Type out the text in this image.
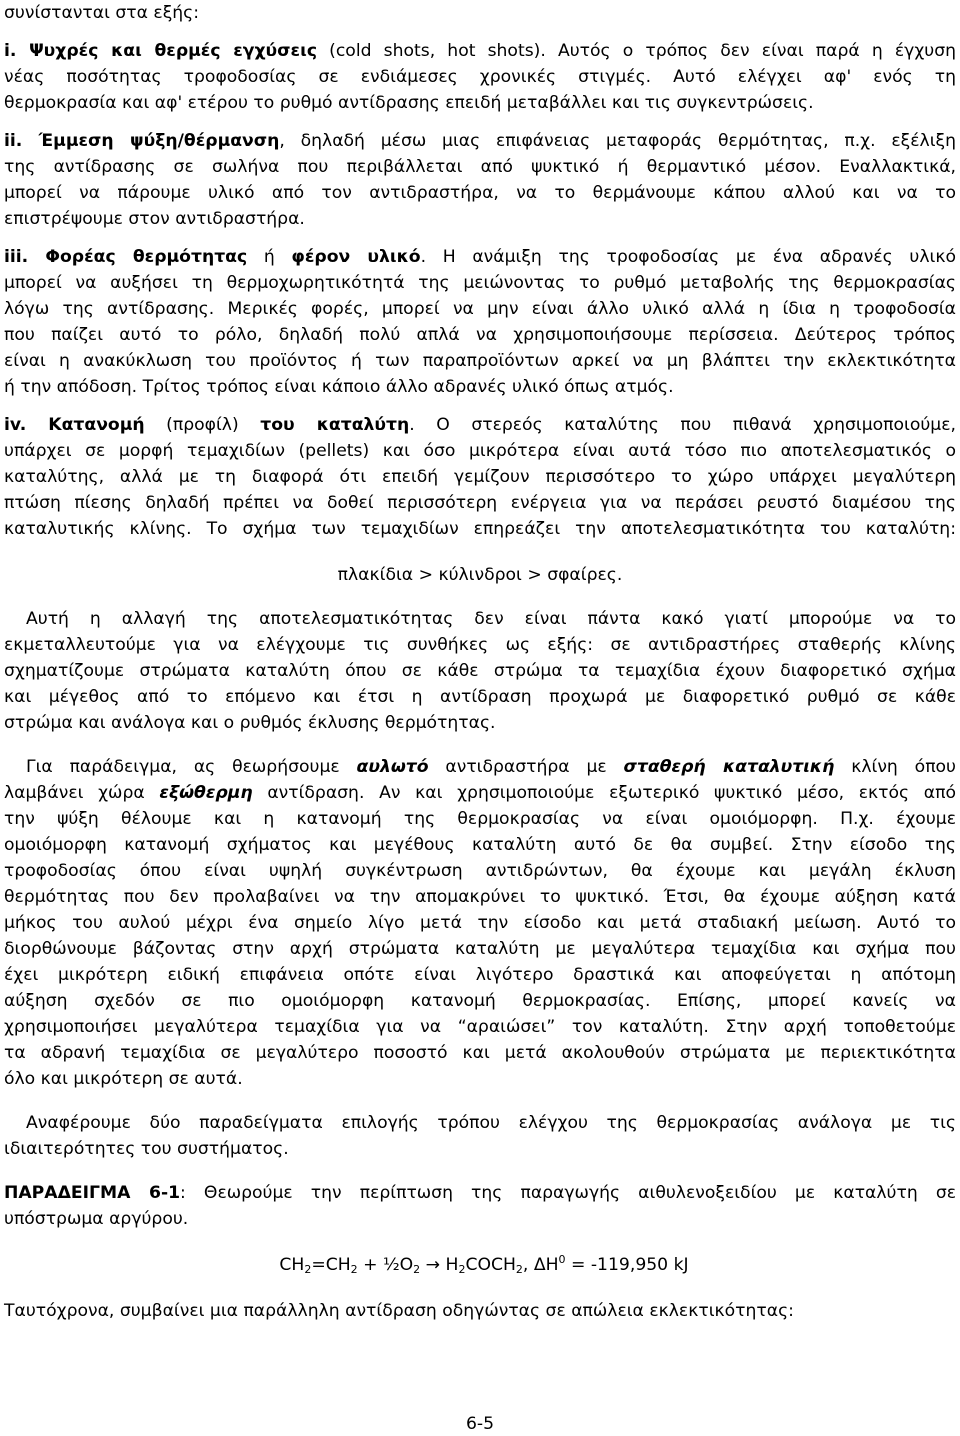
συνίστανται στα εξής:
i. Ψυχρές και θερμές εγχύσεις (cold shots, hot shots). Αυτός ο τρόπος δεν είναι παρά η έγχυση
νέας ποσότητας τροφοδοσίας σε ενδιάμεσες χρονικές στιγμές. Αυτό ελέγχει αφ' ενός τη
θερμοκρασία και αφ' ετέρου το ρυθμό αντίδρασης επειδή μεταβάλλει και τις συγκεντρώσεις.
ii. Έμμεση ψύξη/θέρμανση, δηλαδή μέσω μιας επιφάνειας μεταφοράς θερμότητας, π.χ. εξέλιξη
της αντίδρασης σε σωλήνα που περιβάλλεται από ψυκτικό ή θερμαντικό μέσον. Εναλλακτικά,
μπορεί να πάρουμε υλικό από τον αντιδραστήρα, να το θερμάνουμε κάπου αλλού και να το
επιστρέψουμε στον αντιδραστήρα.
iii. Φορέας θερμότητας ή φέρον υλικό. Η ανάμιξη της τροφοδοσίας με ένα αδρανές υλικό
μπορεί να αυξήσει τη θερμοχωρητικότητά της μειώνοντας το ρυθμό μεταβολής της θερμοκρασίας
λόγω της αντίδρασης. Μερικές φορές, μπορεί να μην είναι άλλο υλικό αλλά η ίδια η τροφοδοσία
που παίζει αυτό το ρόλο, δηλαδή πολύ απλά να χρησιμοποιήσουμε περίσσεια. Δεύτερος τρόπος
είναι η ανακύκλωση του προϊόντος ή των παραπροϊόντων αρκεί να μη βλάπτει την εκλεκτικότητα
ή την απόδοση. Τρίτος τρόπος είναι κάποιο άλλο αδρανές υλικό όπως ατμός.
iv. Κατανομή (προφίλ) του καταλύτη. Ο στερεός καταλύτης που πιθανά χρησιμοποιούμε,
υπάρχει σε μορφή τεμαχιδίων (pellets) και όσο μικρότερα είναι αυτά τόσο πιο αποτελεσματικός ο
καταλύτης, αλλά με τη διαφορά ότι επειδή γεμίζουν περισσότερο το χώρο υπάρχει μεγαλύτερη
πτώση πίεσης δηλαδή πρέπει να δοθεί περισσότερη ενέργεια για να περάσει ρευστό διαμέσου της
καταλυτικής κλίνης. Το σχήμα των τεμαχιδίων επηρεάζει την αποτελεσματικότητα του καταλύτη:
πλακίδια > κύλινδροι > σφαίρες.
Αυτή η αλλαγή της αποτελεσματικότητας δεν είναι πάντα κακό γιατί μπορούμε να το
εκμεταλλευτούμε για να ελέγχουμε τις συνθήκες ως εξής: σε αντιδραστήρες σταθερής κλίνης
σχηματίζουμε στρώματα καταλύτη όπου σε κάθε στρώμα τα τεμαχίδια έχουν διαφορετικό σχήμα
και μέγεθος από το επόμενο και έτσι η αντίδραση προχωρά με διαφορετικό ρυθμό σε κάθε
στρώμα και ανάλογα και ο ρυθμός έκλυσης θερμότητας.
Για παράδειγμα, ας θεωρήσουμε αυλωτό αντιδραστήρα με σταθερή καταλυτική κλίνη όπου
λαμβάνει χώρα εξώθερμη αντίδραση. Αν και χρησιμοποιούμε εξωτερικό ψυκτικό μέσο, εκτός από
την ψύξη θέλουμε και η κατανομή της θερμοκρασίας να είναι ομοιόμορφη. Π.χ. έχουμε
ομοιόμορφη κατανομή σχήματος και μεγέθους καταλύτη αυτό δε θα συμβεί. Στην είσοδο της
τροφοδοσίας όπου είναι υψηλή συγκέντρωση αντιδρώντων, θα έχουμε και μεγάλη έκλυση
θερμότητας που δεν προλαβαίνει να την απομακρύνει το ψυκτικό. Έτσι, θα έχουμε αύξηση κατά
μήκος του αυλού μέχρι ένα σημείο λίγο μετά την είσοδο και μετά σταδιακή μείωση. Αυτό το
διορθώνουμε βάζοντας στην αρχή στρώματα καταλύτη με μεγαλύτερα τεμαχίδια και σχήμα που
έχει μικρότερη ειδική επιφάνεια οπότε είναι λιγότερο δραστικά και αποφεύγεται η απότομη
αύξηση σχεδόν σε πιο ομοιόμορφη κατανομή θερμοκρασίας. Επίσης, μπορεί κανείς να
χρησιμοποιήσει μεγαλύτερα τεμαχίδια για να “αραιώσει” τον καταλύτη. Στην αρχή τοποθετούμε
τα αδρανή τεμαχίδια σε μεγαλύτερο ποσοστό και μετά ακολουθούν στρώματα με περιεκτικότητα
όλο και μικρότερη σε αυτά.
Αναφέρουμε δύο παραδείγματα επιλογής τρόπου ελέγχου της θερμοκρασίας ανάλογα με τις
ιδιαιτερότητες του συστήματος.
ΠΑΡΑΔΕΙΓΜΑ 6-1: Θεωρούμε την περίπτωση της παραγωγής αιθυλενοξειδίου με καταλύτη σε
υπόστρωμα αργύρου.
$CH_2=CH_2$ + $\frac{1}{2}O_2$ → $H_2COCH_2$, $\Delta H^0 = -119,950$ kJ
Ταυτόχρονα, συμβαίνει μια παράλληλη αντίδραση οδηγώντας σε απώλεια εκλεκτικότητας:
6-5
